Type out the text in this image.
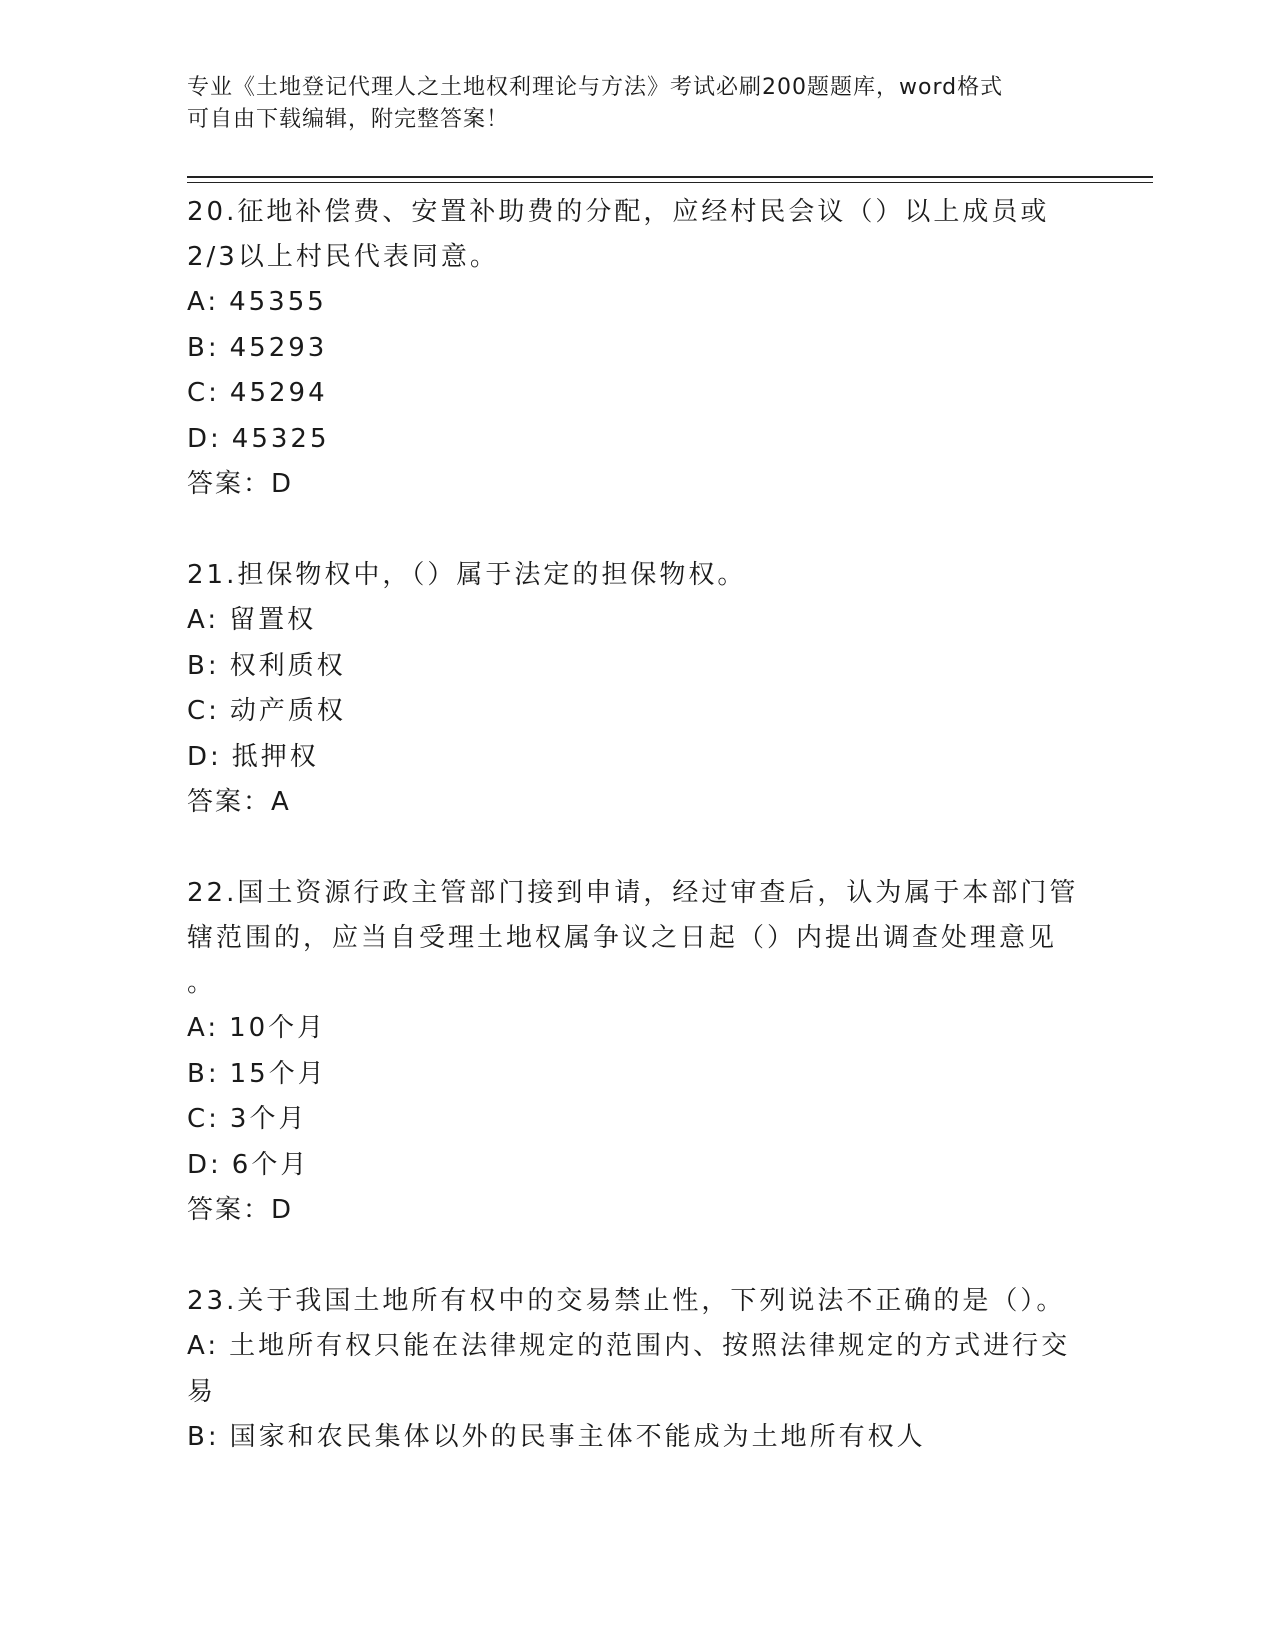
专业《土地登记代理人之土地权利理论与方法》考试必刷200题题库，word格式
可自由下载编辑，附完整答案！
20.征地补偿费、安置补助费的分配，应经村民会议（）以上成员或
2/3以上村民代表同意。
A: 45355
B: 45293
C: 45294
D: 45325
答案：D
21.担保物权中，（）属于法定的担保物权。
A: 留置权
B: 权利质权
C: 动产质权
D: 抵押权
答案：A
22.国土资源行政主管部门接到申请，经过审查后，认为属于本部门管
辖范围的，应当自受理土地权属争议之日起（）内提出调查处理意见
。
A: 10个月
B: 15个月
C: 3个月
D: 6个月
答案：D
23.关于我国土地所有权中的交易禁止性，下列说法不正确的是（）。
A: 土地所有权只能在法律规定的范围内、按照法律规定的方式进行交
易
B: 国家和农民集体以外的民事主体不能成为土地所有权人
